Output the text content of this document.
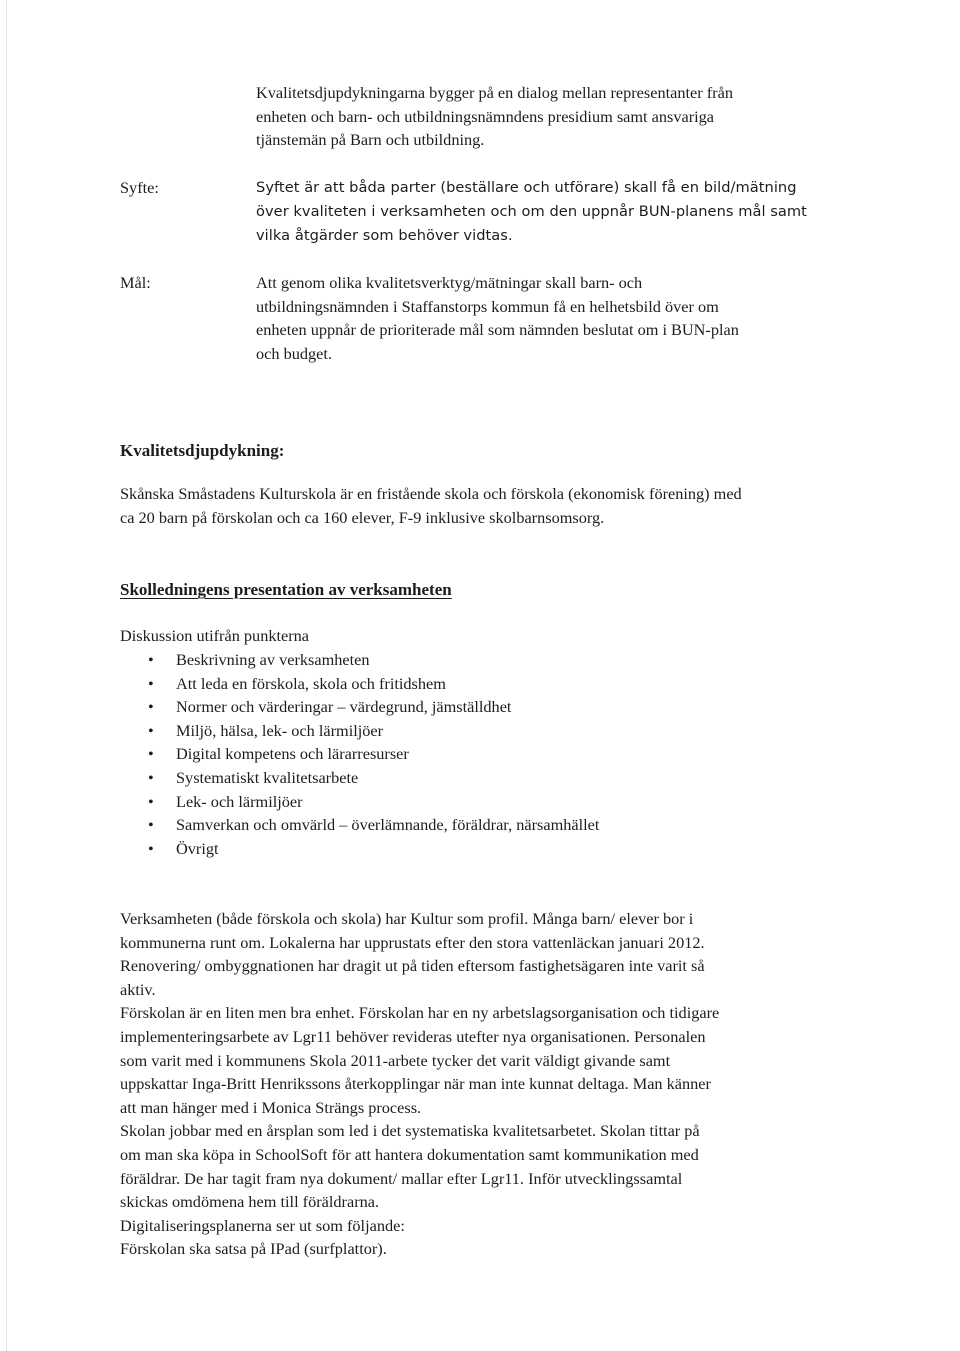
Kvalitetsdjupdykningarna bygger på en dialog mellan representanter från
enheten och barn- och utbildningsnämndens presidium samt ansvariga
tjänstemän på Barn och utbildning.
Syfte:	Syftet är att båda parter (beställare och utförare) skall få en bild/mätning
över kvaliteten i verksamheten och om den uppnår BUN-planens mål samt
vilka åtgärder som behöver vidtas.
Mål:	Att genom olika kvalitetsverktyg/mätningar skall barn- och
utbildningsnämnden i Staffanstorps kommun få en helhetsbild över om
enheten uppnår de prioriterade mål som nämnden beslutat om i BUN-plan
och budget.
Kvalitetsdjupdykning:
Skånska Småstadens Kulturskola är en fristående skola och förskola (ekonomisk förening) med
ca 20 barn på förskolan och ca 160 elever, F-9 inklusive skolbarnsomsorg.
Skolledningens presentation av verksamheten
Diskussion utifrån punkterna
• Beskrivning av verksamheten
• Att leda en förskola, skola och fritidshem
• Normer och värderingar – värdegrund, jämställdhet
• Miljö, hälsa, lek- och lärmiljöer
• Digital kompetens och lärarresurser
• Systematiskt kvalitetsarbete
• Lek- och lärmiljöer
• Samverkan och omvärld – överlämnande, föräldrar, närsamhället
• Övrigt
Verksamheten (både förskola och skola) har Kultur som profil. Många barn/ elever bor i
kommunerna runt om. Lokalerna har upprustats efter den stora vattenläckan januari 2012.
Renovering/ ombyggnationen har dragit ut på tiden eftersom fastighetsägaren inte varit så
aktiv.
Förskolan är en liten men bra enhet. Förskolan har en ny arbetslagsorganisation och tidigare
implementeringsarbete av Lgr11 behöver revideras utefter nya organisationen. Personalen
som varit med i kommunens Skola 2011-arbete tycker det varit väldigt givande samt
uppskattar Inga-Britt Henrikssons återkopplingar när man inte kunnat deltaga. Man känner
att man hänger med i Monica Strängs process.
Skolan jobbar med en årsplan som led i det systematiska kvalitetsarbetet. Skolan tittar på
om man ska köpa in SchoolSoft för att hantera dokumentation samt kommunikation med
föräldrar. De har tagit fram nya dokument/ mallar efter Lgr11. Inför utvecklingssamtal
skickas omdömena hem till föräldrarna.
Digitaliseringsplanerna ser ut som följande:
Förskolan ska satsa på IPad (surfplattor).
